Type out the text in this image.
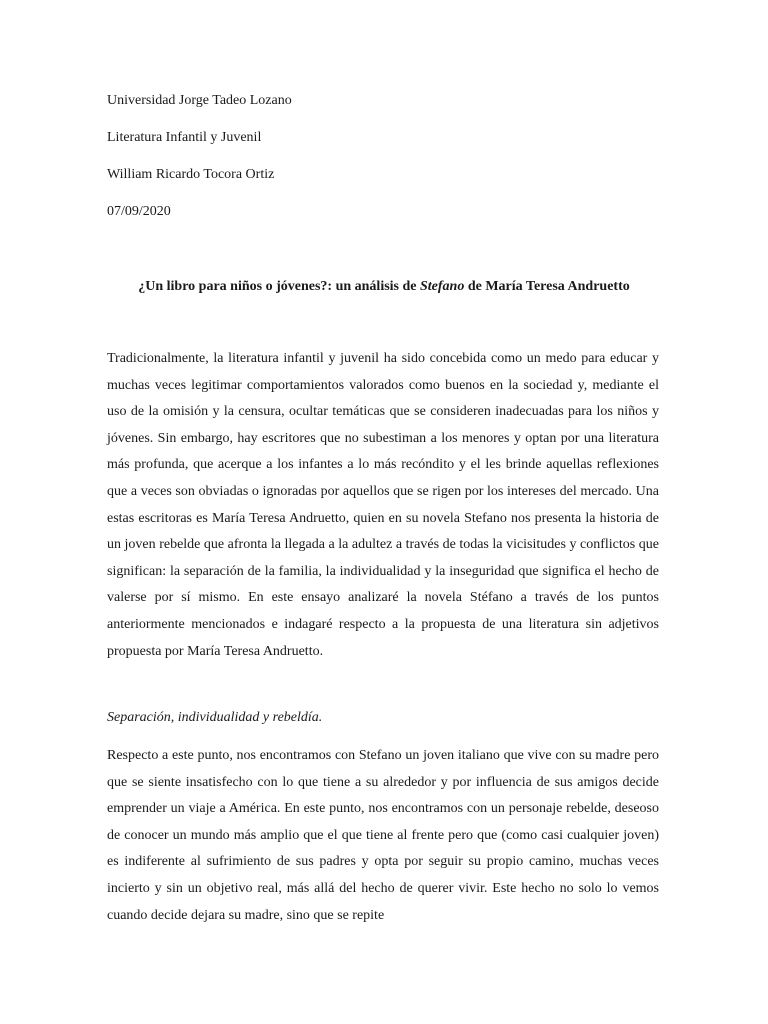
Universidad Jorge Tadeo Lozano
Literatura Infantil y Juvenil
William Ricardo Tocora Ortiz
07/09/2020
¿Un libro para niños o jóvenes?: un análisis de Stefano de María Teresa Andruetto
Tradicionalmente, la literatura infantil y juvenil ha sido concebida como un medo para educar y muchas veces legitimar comportamientos valorados como buenos en la sociedad y, mediante el uso de la omisión y la censura, ocultar temáticas que se consideren inadecuadas para los niños y jóvenes. Sin embargo, hay escritores que no subestiman a los menores y optan por una literatura más profunda, que acerque a los infantes a lo más recóndito y el les brinde aquellas reflexiones que a veces son obviadas o ignoradas por aquellos que se rigen por los intereses del mercado. Una estas escritoras es María Teresa Andruetto, quien en su novela Stefano nos presenta la historia de un joven rebelde que afronta la llegada a la adultez a través de todas la vicisitudes y conflictos que significan: la separación de la familia, la individualidad y la inseguridad que significa el hecho de valerse por sí mismo. En este ensayo analizaré la novela Stéfano a través de los puntos anteriormente mencionados e indagaré respecto a la propuesta de una literatura sin adjetivos propuesta por María Teresa Andruetto.
Separación, individualidad y rebeldía.
Respecto a este punto, nos encontramos con Stefano un joven italiano que vive con su madre pero que se siente insatisfecho con lo que tiene a su alrededor y por influencia de sus amigos decide emprender un viaje a América. En este punto, nos encontramos con un personaje rebelde, deseoso de conocer un mundo más amplio que el que tiene al frente pero que (como casi cualquier joven) es indiferente al sufrimiento de sus padres y opta por seguir su propio camino, muchas veces incierto y sin un objetivo real, más allá del hecho de querer vivir. Este hecho no solo lo vemos cuando decide dejara su madre, sino que se repite
